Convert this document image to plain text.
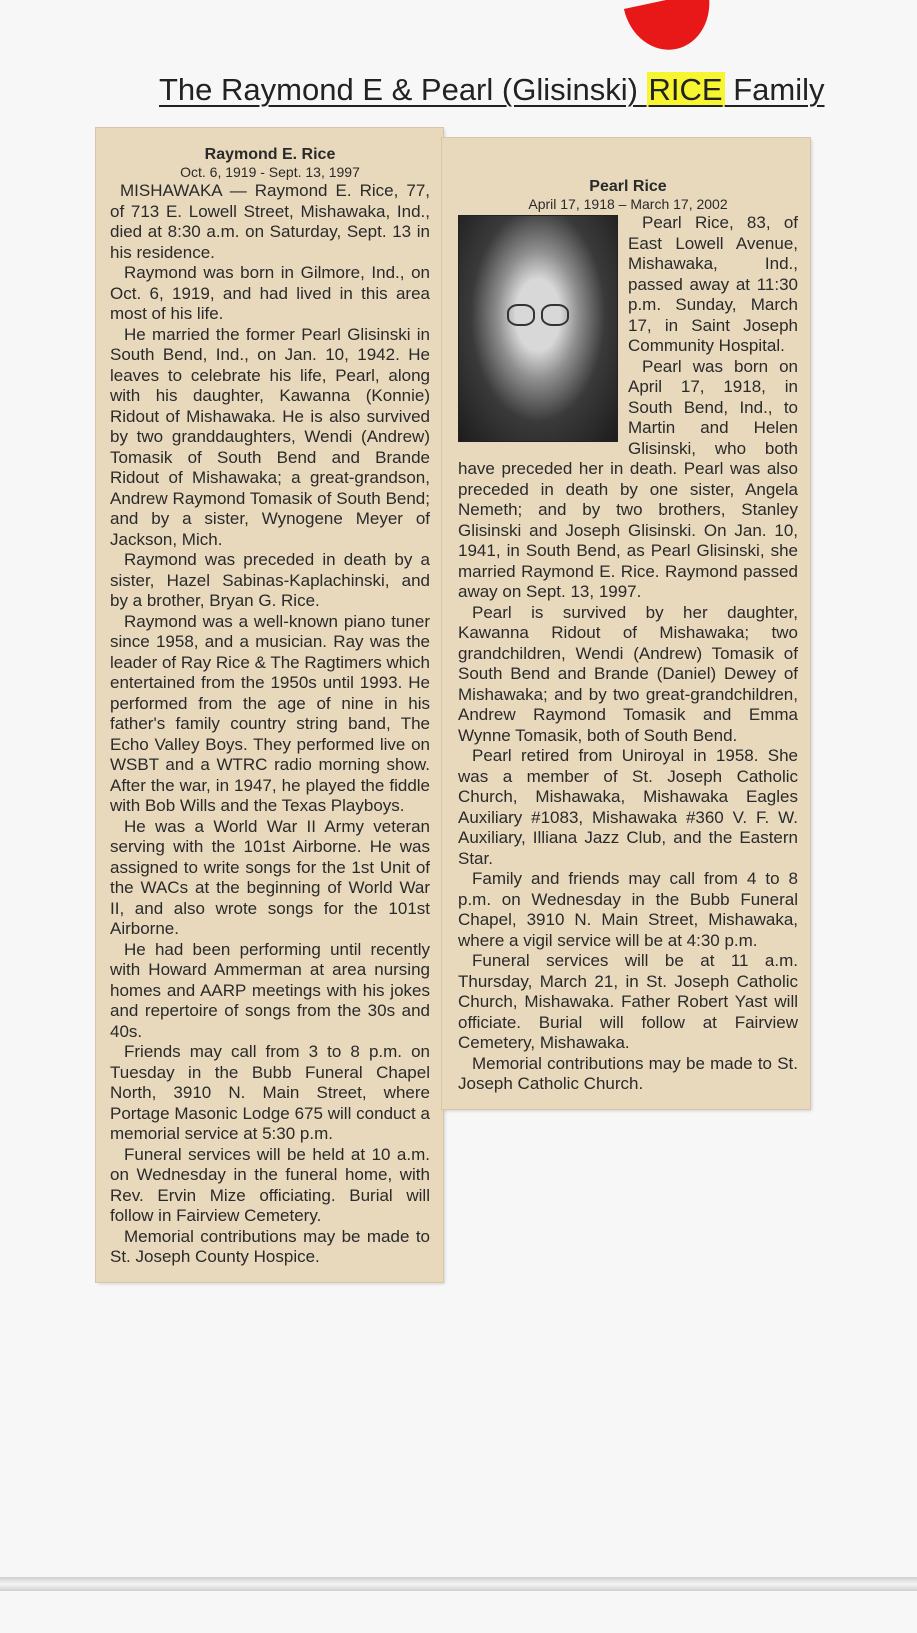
The Raymond E & Pearl (Glisinski) RICE Family

Raymond E. Rice

Oct. 6, 1919 - Sept. 13, 1997

MISHAWAKA — Raymond E. Rice, 77, of 713 E. Lowell Street, Mishawaka, Ind., died at 8:30 a.m. on Saturday, Sept. 13 in his residence.

Raymond was born in Gilmore, Ind., on Oct. 6, 1919, and had lived in this area most of his life.

He married the former Pearl Glisinski in South Bend, Ind., on Jan. 10, 1942. He leaves to celebrate his life, Pearl, along with his daughter, Kawanna (Konnie) Ridout of Mishawaka. He is also survived by two granddaughters, Wendi (Andrew) Tomasik of South Bend and Brande Ridout of Mishawaka; a great-grandson, Andrew Raymond Tomasik of South Bend; and by a sister, Wynogene Meyer of Jackson, Mich.

Raymond was preceded in death by a sister, Hazel Sabinas-Kaplachinski, and by a brother, Bryan G. Rice.

Raymond was a well-known piano tuner since 1958, and a musician. Ray was the leader of Ray Rice & The Ragtimers which entertained from the 1950s until 1993. He performed from the age of nine in his father's family country string band, The Echo Valley Boys. They performed live on WSBT and a WTRC radio morning show. After the war, in 1947, he played the fiddle with Bob Wills and the Texas Playboys.

He was a World War II Army veteran serving with the 101st Airborne. He was assigned to write songs for the 1st Unit of the WACs at the beginning of World War II, and also wrote songs for the 101st Airborne.

He had been performing until recently with Howard Ammerman at area nursing homes and AARP meetings with his jokes and repertoire of songs from the 30s and 40s.

Friends may call from 3 to 8 p.m. on Tuesday in the Bubb Funeral Chapel North, 3910 N. Main Street, where Portage Masonic Lodge 675 will conduct a memorial service at 5:30 p.m.

Funeral services will be held at 10 a.m. on Wednesday in the funeral home, with Rev. Ervin Mize officiating. Burial will follow in Fairview Cemetery.

Memorial contributions may be made to St. Joseph County Hospice.

Pearl Rice

April 17, 1918 – March 17, 2002

Pearl Rice, 83, of East Lowell Avenue, Mishawaka, Ind., passed away at 11:30 p.m. Sunday, March 17, in Saint Joseph Community Hospital.

Pearl was born on April 17, 1918, in South Bend, Ind., to Martin and Helen Glisinski, who both have preceded her in death. Pearl was also preceded in death by one sister, Angela Nemeth; and by two brothers, Stanley Glisinski and Joseph Glisinski. On Jan. 10, 1941, in South Bend, as Pearl Glisinski, she married Raymond E. Rice. Raymond passed away on Sept. 13, 1997.

Pearl is survived by her daughter, Kawanna Ridout of Mishawaka; two grandchildren, Wendi (Andrew) Tomasik of South Bend and Brande (Daniel) Dewey of Mishawaka; and by two great-grandchildren, Andrew Raymond Tomasik and Emma Wynne Tomasik, both of South Bend.

Pearl retired from Uniroyal in 1958. She was a member of St. Joseph Catholic Church, Mishawaka, Mishawaka Eagles Auxiliary #1083, Mishawaka #360 V. F. W. Auxiliary, Illiana Jazz Club, and the Eastern Star.

Family and friends may call from 4 to 8 p.m. on Wednesday in the Bubb Funeral Chapel, 3910 N. Main Street, Mishawaka, where a vigil service will be at 4:30 p.m.

Funeral services will be at 11 a.m. Thursday, March 21, in St. Joseph Catholic Church, Mishawaka. Father Robert Yast will officiate. Burial will follow at Fairview Cemetery, Mishawaka.

Memorial contributions may be made to St. Joseph Catholic Church.
